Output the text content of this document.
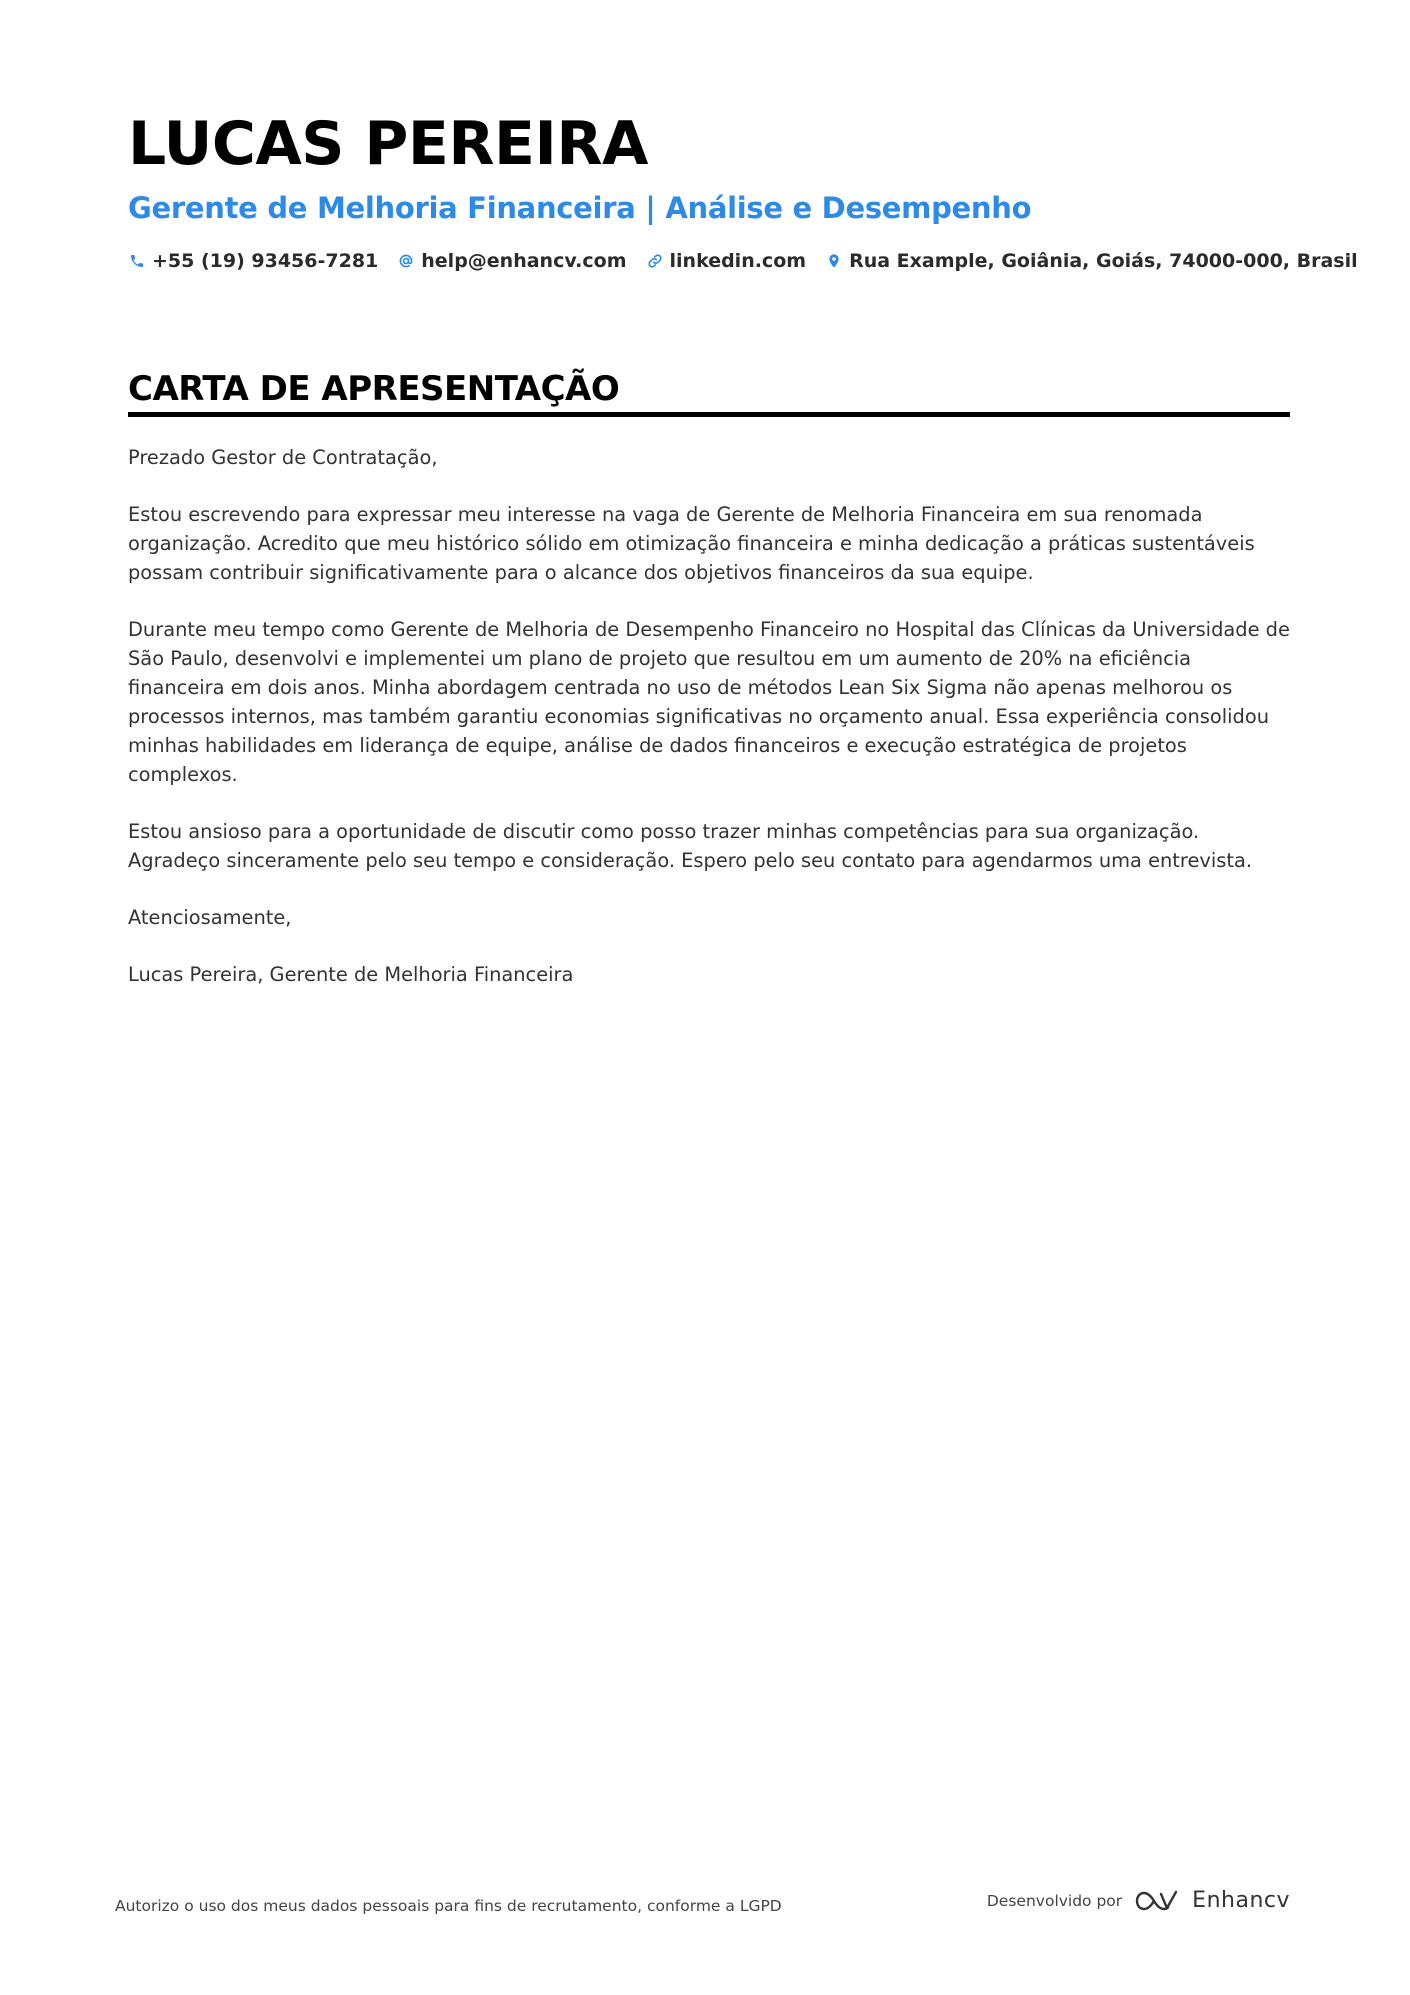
LUCAS PEREIRA
Gerente de Melhoria Financeira | Análise e Desempenho
+55 (19) 93456-7281 help@enhancv.com linkedin.com Rua Example, Goiânia, Goiás, 74000-000, Brasil
CARTA DE APRESENTAÇÃO

Prezado Gestor de Contratação,

Estou escrevendo para expressar meu interesse na vaga de Gerente de Melhoria Financeira em sua renomada organização. Acredito que meu histórico sólido em otimização financeira e minha dedicação a práticas sustentáveis possam contribuir significativamente para o alcance dos objetivos financeiros da sua equipe.

Durante meu tempo como Gerente de Melhoria de Desempenho Financeiro no Hospital das Clínicas da Universidade de São Paulo, desenvolvi e implementei um plano de projeto que resultou em um aumento de 20% na eficiência financeira em dois anos. Minha abordagem centrada no uso de métodos Lean Six Sigma não apenas melhorou os processos internos, mas também garantiu economias significativas no orçamento anual. Essa experiência consolidou minhas habilidades em liderança de equipe, análise de dados financeiros e execução estratégica de projetos complexos.

Estou ansioso para a oportunidade de discutir como posso trazer minhas competências para sua organização. Agradeço sinceramente pelo seu tempo e consideração. Espero pelo seu contato para agendarmos uma entrevista.

Atenciosamente,

Lucas Pereira, Gerente de Melhoria Financeira

Autorizo o uso dos meus dados pessoais para fins de recrutamento, conforme a LGPD	Desenvolvido por	Enhancv
